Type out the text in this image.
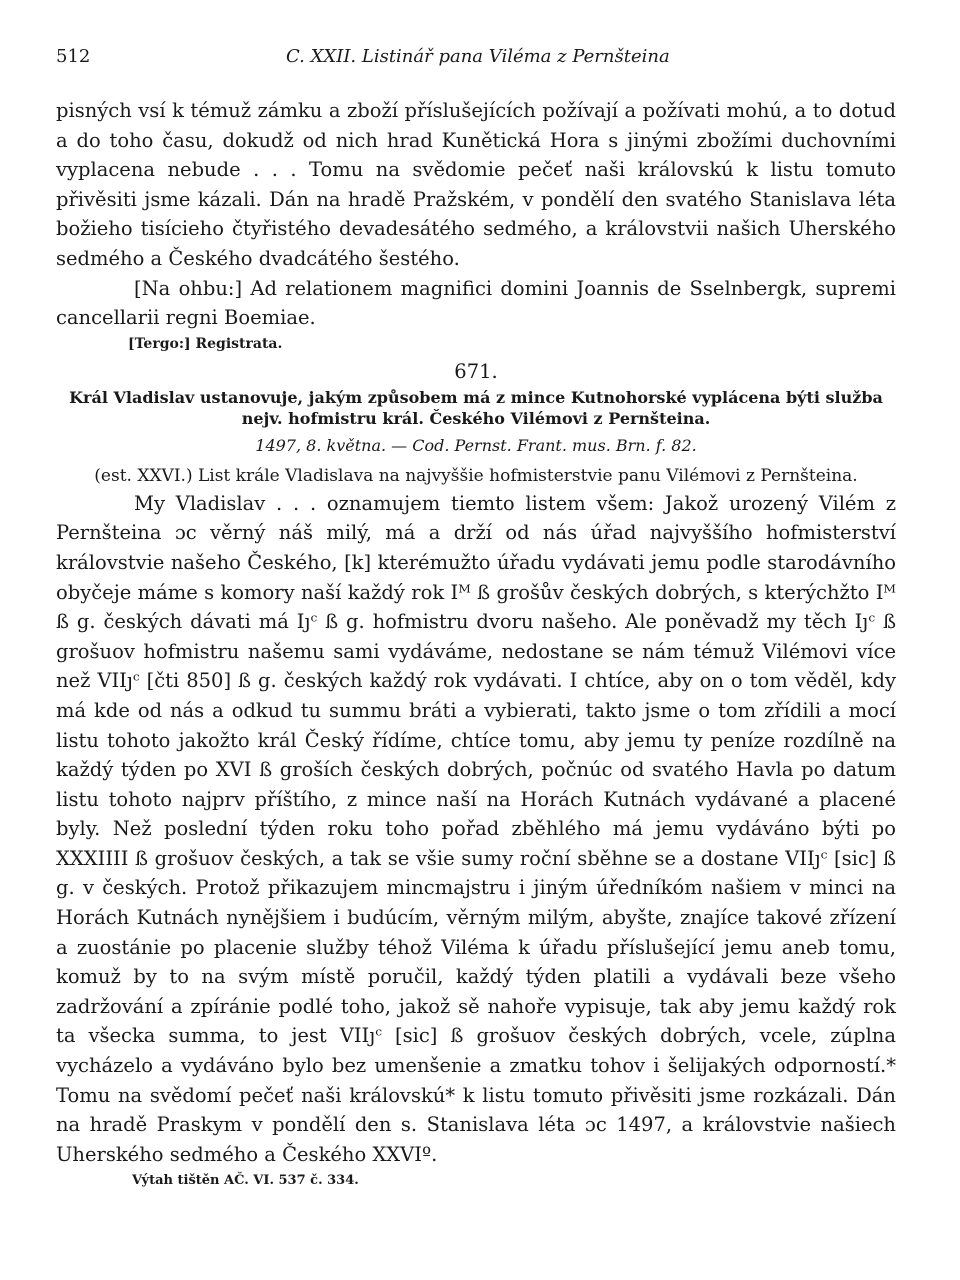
512	C. XXII. Listinář pana Viléma z Pernšteina

pisných vsí k témuž zámku a zboží příslušejících požívají a požívati mohú, a to dotud a do toho času, dokudž od nich hrad Kunětická Hora s jinými zbožími duchovními vyplacena nebude . . . Tomu na svědomie pečeť naši královskú k listu tomuto přivěsiti jsme kázali. Dán na hradě Pražském, v pondělí den svatého Stanislava léta božieho tisícieho čtyřistého devadesátého sedmého, a královstvii našich Uherského sedmého a Českého dvadcátého šestého.

[Na ohbu:] Ad relationem magnifici domini Joannis de Sselnbergk, supremi cancellarii regni Boemiae.

[Tergo:] Registrata.

671.

Král Vladislav ustanovuje, jakým způsobem má z mince Kutnohorské vyplácena býti služba nejv. hofmistru král. Českého Vilémovi z Pernšteina.

1497, 8. května. — Cod. Pernst. Frant. mus. Brn. f. 82.

(est. XXVI.) List krále Vladislava na najvyššie hofmisterstvie panu Vilémovi z Pernšteina.

My Vladislav . . . oznamujem tiemto listem všem: Jakož urozený Vilém z Pernšteina ɔc věrný náš milý, má a drží od nás úřad najvyššího hofmisterství královstvie našeho Českého, [k] kterémužto úřadu vydávati jemu podle starodávního obyčeje máme s komory naší každý rok Iᴹ ß grošův českých dobrých, s kterýchžto Iᴹ ß g. českých dávati má Iȷᶜ ß g. hofmistru dvoru našeho. Ale poněvadž my těch Iȷᶜ ß grošuov hofmistru našemu sami vydáváme, nedostane se nám témuž Vilémovi více než VIIȷᶜ [čti 850] ß g. českých každý rok vydávati. I chtíce, aby on o tom věděl, kdy má kde od nás a odkud tu summu bráti a vybierati, takto jsme o tom zřídili a mocí listu tohoto jakožto král Český řídíme, chtíce tomu, aby jemu ty peníze rozdílně na každý týden po XVI ß groších českých dobrých, počnúc od svatého Havla po datum listu tohoto najprv příštího, z mince naší na Horách Kutnách vydávané a placené byly. Než poslední týden roku toho pořad zběhlého má jemu vydáváno býti po XXXIIII ß grošuov českých, a tak se všie sumy roční sběhne se a dostane VIIȷᶜ [sic] ß g. v českých. Protož přikazujem mincmajstru i jiným úředníkóm našiem v minci na Horách Kutnách nynějšiem i budúcím, věrným milým, abyšte, znajíce takové zřízení a zuostánie po placenie služby téhož Viléma k úřadu příslušející jemu aneb tomu, komuž by to na svým místě poručil, každý týden platili a vydávali beze všeho zadržování a zpíránie podlé toho, jakož sě nahoře vypisuje, tak aby jemu každý rok ta všecka summa, to jest VIIȷᶜ [sic] ß grošuov českých dobrých, vcele, zúplna vycházelo a vydáváno bylo bez umenšenie a zmatku tohov i šelijakých odporností.* Tomu na svědomí pečeť naši královskú* k listu tomuto přivěsiti jsme rozkázali. Dán na hradě Praskym v pondělí den s. Stanislava léta ɔc 1497, a královstvie našiech Uherského sedmého a Českého XXVIº.

Výtah tištěn AČ. VI. 537 č. 334.
